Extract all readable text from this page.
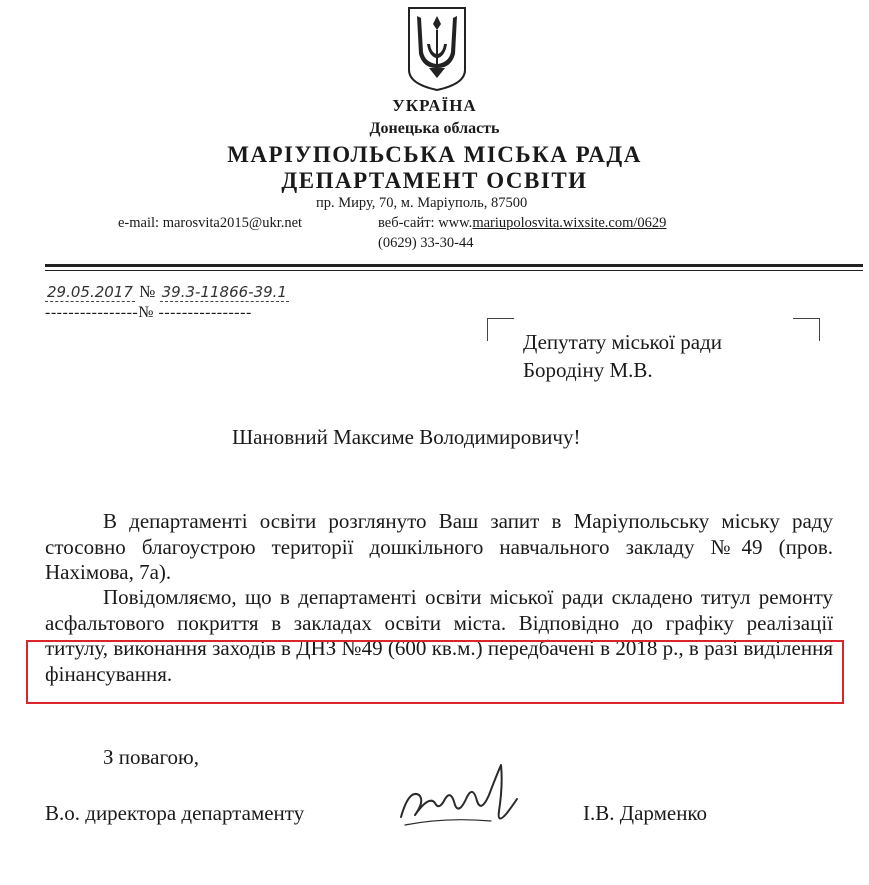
УКРАЇНА
Донецька область
МАРІУПОЛЬСЬКА МІСЬКА РАДА
ДЕПАРТАМЕНТ ОСВІТИ
пр. Миру, 70, м. Маріуполь, 87500
e-mail: marosvita2015@ukr.net	веб-сайт: www.mariupolosvita.wixsite.com/0629
(0629) 33-30-44
29.05.2017 № 39.3-11866-39.1
----------------№ ----------------
Депутату міської ради
Бородіну М.В.
Шановний Максиме Володимировичу!
В департаменті освіти розглянуто Ваш запит в Маріупольську міську раду стосовно благоустрою території дошкільного навчального закладу №49 (пров. Нахімова, 7а).
Повідомляємо, що в департаменті освіти міської ради складено титул ремонту асфальтового покриття в закладах освіти міста. Відповідно до графіку реалізації титулу, виконання заходів в ДНЗ №49 (600 кв.м.) передбачені в 2018 р., в разі виділення фінансування.
З повагою,
В.о. директора департаменту	І.В. Дарменко
